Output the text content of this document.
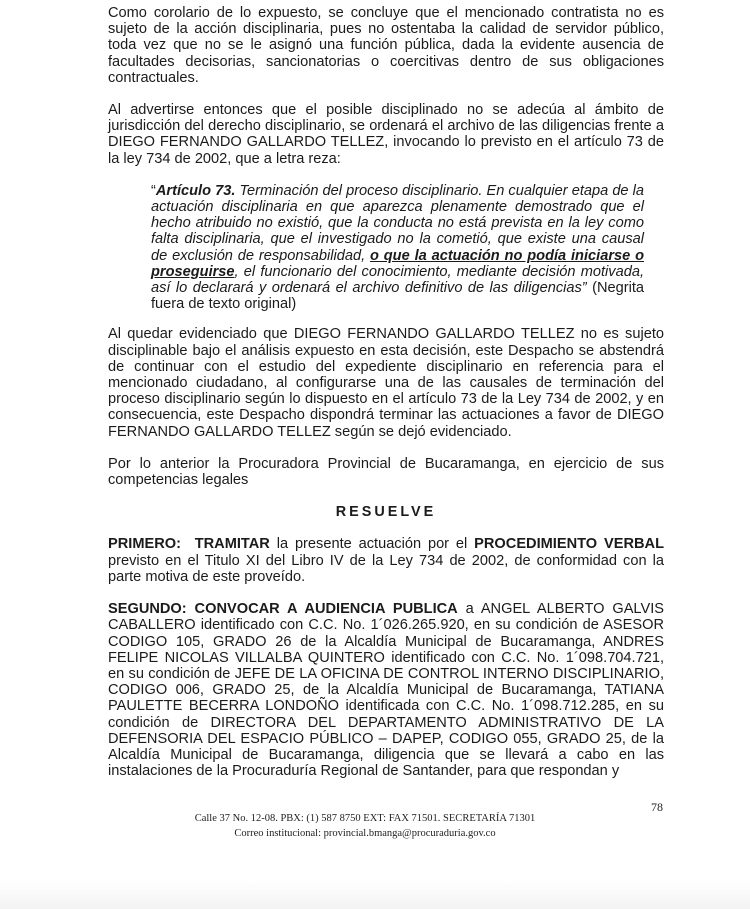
Como corolario de lo expuesto, se concluye que el mencionado contratista no es sujeto de la acción disciplinaria, pues no ostentaba la calidad de servidor público, toda vez que no se le asignó una función pública, dada la evidente ausencia de facultades decisorias, sancionatorias o coercitivas dentro de sus obligaciones contractuales.

Al advertirse entonces que el posible disciplinado no se adecúa al ámbito de jurisdicción del derecho disciplinario, se ordenará el archivo de las diligencias frente a DIEGO FERNANDO GALLARDO TELLEZ, invocando lo previsto en el artículo 73 de la ley 734 de 2002, que a letra reza:

“Artículo 73. Terminación del proceso disciplinario. En cualquier etapa de la actuación disciplinaria en que aparezca plenamente demostrado que el hecho atribuido no existió, que la conducta no está prevista en la ley como falta disciplinaria, que el investigado no la cometió, que existe una causal de exclusión de responsabilidad, o que la actuación no podía iniciarse o proseguirse, el funcionario del conocimiento, mediante decisión motivada, así lo declarará y ordenará el archivo definitivo de las diligencias” (Negrita fuera de texto original)

Al quedar evidenciado que DIEGO FERNANDO GALLARDO TELLEZ no es sujeto disciplinable bajo el análisis expuesto en esta decisión, este Despacho se abstendrá de continuar con el estudio del expediente disciplinario en referencia para el mencionado ciudadano, al configurarse una de las causales de terminación del proceso disciplinario según lo dispuesto en el artículo 73 de la Ley 734 de 2002, y en consecuencia, este Despacho dispondrá terminar las actuaciones a favor de DIEGO FERNANDO GALLARDO TELLEZ según se dejó evidenciado.

Por lo anterior la Procuradora Provincial de Bucaramanga, en ejercicio de sus competencias legales

RESUELVE

PRIMERO: TRAMITAR la presente actuación por el PROCEDIMIENTO VERBAL previsto en el Titulo XI del Libro IV de la Ley 734 de 2002, de conformidad con la parte motiva de este proveído.

SEGUNDO: CONVOCAR A AUDIENCIA PUBLICA a ANGEL ALBERTO GALVIS CABALLERO identificado con C.C. No. 1´026.265.920, en su condición de ASESOR CODIGO 105, GRADO 26 de la Alcaldía Municipal de Bucaramanga, ANDRES FELIPE NICOLAS VILLALBA QUINTERO identificado con C.C. No. 1´098.704.721, en su condición de JEFE DE LA OFICINA DE CONTROL INTERNO DISCIPLINARIO, CODIGO 006, GRADO 25, de la Alcaldía Municipal de Bucaramanga, TATIANA PAULETTE BECERRA LONDOÑO identificada con C.C. No. 1´098.712.285, en su condición de DIRECTORA DEL DEPARTAMENTO ADMINISTRATIVO DE LA DEFENSORIA DEL ESPACIO PÚBLICO – DAPEP, CODIGO 055, GRADO 25, de la Alcaldía Municipal de Bucaramanga, diligencia que se llevará a cabo en las instalaciones de la Procuraduría Regional de Santander, para que respondan y

78
Calle 37 No. 12-08. PBX: (1) 587 8750 EXT: FAX 71501. SECRETARÍA 71301
Correo institucional: provincial.bmanga@procuraduria.gov.co
